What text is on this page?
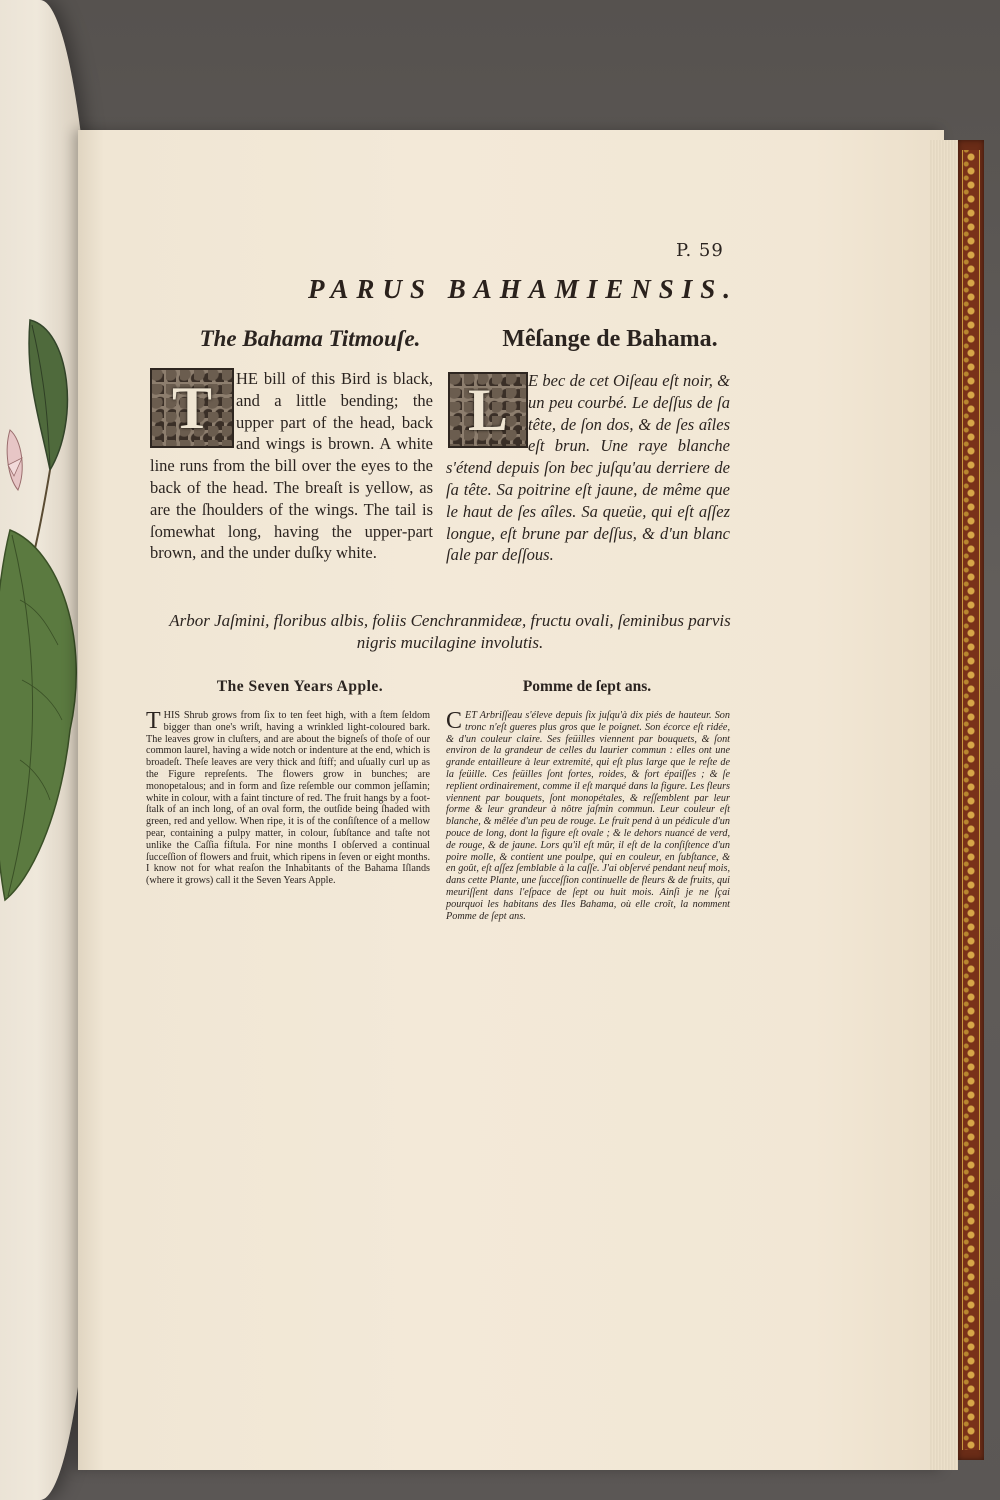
P. 59

PARUS BAHAMIENSIS.
The Bahama Titmouſe.	Mêſange de Bahama.
T	L
HE bill of this Bird is black, and a little bending; the upper part of the head, back and wings is brown. A white line runs from the bill over the eyes to the back of the head. The breaſt is yellow, as are the ſhoulders of the wings. The tail is ſomewhat long, having the upper-part brown, and the under duſky white.
E bec de cet Oiſeau eſt noir, & un peu courbé. Le deſſus de ſa tête, de ſon dos, & de ſes aîles eſt brun. Une raye blanche s'étend depuis ſon bec juſqu'au derriere de ſa tête. Sa poitrine eſt jaune, de même que le haut de ſes aîles. Sa queüe, qui eſt aſſez longue, eſt brune par deſſus, & d'un blanc ſale par deſſous.

Arbor Jaſmini, floribus albis, foliis Cenchranmideæ, fructu ovali, ſeminibus parvis nigris mucilagine involutis.

The Seven Years Apple.	Pomme de ſept ans.
T HIS Shrub grows from ſix to ten feet high, with a ſtem ſeldom bigger than one's wriſt, having a wrinkled light-coloured bark. The leaves grow in cluſters, and are about the bigneſs of thoſe of our common laurel, having a wide notch or indenture at the end, which is broadeſt. Theſe leaves are very thick and ſtiff; and uſually curl up as the Figure repreſents. The flowers grow in bunches; are monopetalous; and in form and ſize reſemble our common jeſſamin; white in colour, with a faint tincture of red. The fruit hangs by a foot-ſtalk of an inch long, of an oval form, the outſide being ſhaded with green, red and yellow. When ripe, it is of the conſiſtence of a mellow pear, containing a pulpy matter, in colour, ſubſtance and taſte not unlike the Caſſia fiſtula. For nine months I obſerved a continual ſucceſſion of flowers and fruit, which ripens in ſeven or eight months. I know not for what reaſon the Inhabitants of the Bahama Iſlands (where it grows) call it the Seven Years Apple.
C ET Arbriſſeau s'éleve depuis ſix juſqu'à dix piés de hauteur. Son tronc n'eſt gueres plus gros que le poignet. Son écorce eſt ridée, & d'un couleur claire. Ses feüilles viennent par bouquets, & ſont environ de la grandeur de celles du laurier commun : elles ont une grande entailleure à leur extremité, qui eſt plus large que le reſte de la feüille. Ces feüilles ſont fortes, roides, & fort épaiſſes ; & ſe replient ordinairement, comme il eſt marqué dans la figure. Les fleurs viennent par bouquets, ſont monopétales, & reſſemblent par leur forme & leur grandeur à nôtre jaſmin commun. Leur couleur eſt blanche, & mêlée d'un peu de rouge. Le fruit pend à un pédicule d'un pouce de long, dont la figure eſt ovale ; & le dehors nuancé de verd, de rouge, & de jaune. Lors qu'il eſt mûr, il eſt de la conſiſtence d'un poire molle, & contient une poulpe, qui en couleur, en ſubſtance, & en goût, eſt aſſez ſemblable à la caſſe. J'ai obſervé pendant neuf mois, dans cette Plante, une ſucceſſion continuelle de fleurs & de fruits, qui meuriſſent dans l'eſpace de ſept ou huit mois. Ainſi je ne ſçai pourquoi les habitans des Iles Bahama, où elle croît, la nomment Pomme de ſept ans.
